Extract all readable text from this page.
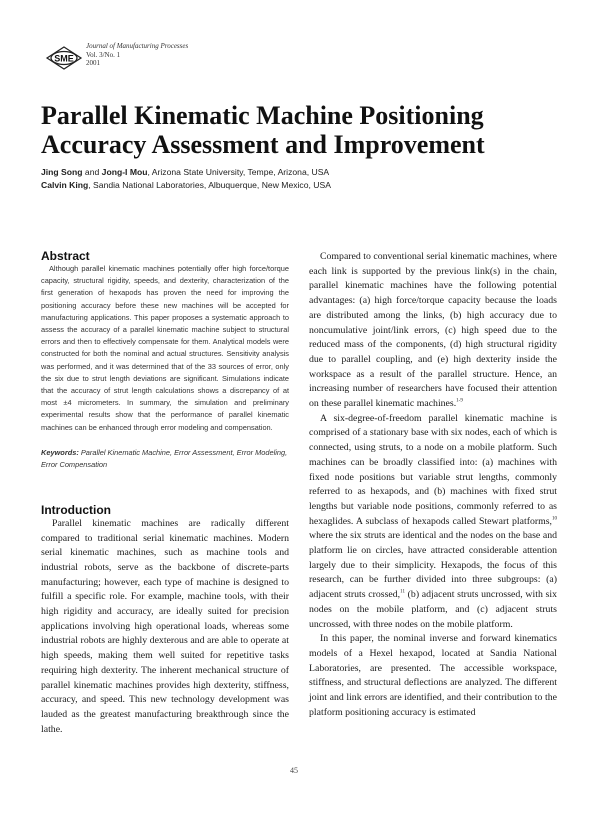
SME
Journal of Manufacturing Processes
Vol. 3/No. 1
2001
Parallel Kinematic Machine Positioning Accuracy Assessment and Improvement
Jing Song and Jong-I Mou, Arizona State University, Tempe, Arizona, USA
Calvin King, Sandia National Laboratories, Albuquerque, New Mexico, USA
Abstract

Although parallel kinematic machines potentially offer high force/torque capacity, structural rigidity, speeds, and dexterity, characterization of the first generation of hexapods has proven the need for improving the positioning accuracy before these new machines will be accepted for manufacturing applications. This paper proposes a systematic approach to assess the accuracy of a parallel kinematic machine subject to structural errors and then to effectively compensate for them. Analytical models were constructed for both the nominal and actual structures. Sensitivity analysis was performed, and it was determined that of the 33 sources of error, only the six due to strut length deviations are significant. Simulations indicate that the accuracy of strut length calculations shows a discrepancy of at most ±4 micrometers. In summary, the simulation and preliminary experimental results show that the performance of parallel kinematic machines can be enhanced through error modeling and compensation.

Keywords: Parallel Kinematic Machine, Error Assessment, Error Modeling, Error Compensation

Introduction

Parallel kinematic machines are radically different compared to traditional serial kinematic machines. Modern serial kinematic machines, such as machine tools and industrial robots, serve as the backbone of discrete-parts manufacturing; however, each type of machine is designed to fulfill a specific role. For example, machine tools, with their high rigidity and accuracy, are ideally suited for precision applications involving high operational loads, whereas some industrial robots are highly dexterous and are able to operate at high speeds, making them well suited for repetitive tasks requiring high dexterity. The inherent mechanical structure of parallel kinematic machines provides high dexterity, stiffness, accuracy, and speed. This new technology development was lauded as the greatest manufacturing breakthrough since the lathe.

Compared to conventional serial kinematic machines, where each link is supported by the previous link(s) in the chain, parallel kinematic machines have the following potential advantages: (a) high force/torque capacity because the loads are distributed among the links, (b) high accuracy due to noncumulative joint/link errors, (c) high speed due to the reduced mass of the components, (d) high structural rigidity due to parallel coupling, and (e) high dexterity inside the workspace as a result of the parallel structure. Hence, an increasing number of researchers have focused their attention on these parallel kinematic machines.$^{1-9}$

A six-degree-of-freedom parallel kinematic machine is comprised of a stationary base with six nodes, each of which is connected, using struts, to a node on a mobile platform. Such machines can be broadly classified into: (a) machines with fixed node positions but variable strut lengths, commonly referred to as hexapods, and (b) machines with fixed strut lengths but variable node positions, commonly referred to as hexaglides. A subclass of hexapods called Stewart platforms,$^{10}$ where the six struts are identical and the nodes on the base and platform lie on circles, have attracted considerable attention largely due to their simplicity. Hexapods, the focus of this research, can be further divided into three subgroups: (a) adjacent struts crossed,$^{11}$ (b) adjacent struts uncrossed, with six nodes on the mobile platform, and (c) adjacent struts uncrossed, with three nodes on the mobile platform.

In this paper, the nominal inverse and forward kinematics models of a Hexel hexapod, located at Sandia National Laboratories, are presented. The accessible workspace, stiffness, and structural deflections are analyzed. The different joint and link errors are identified, and their contribution to the platform positioning accuracy is estimated

45
